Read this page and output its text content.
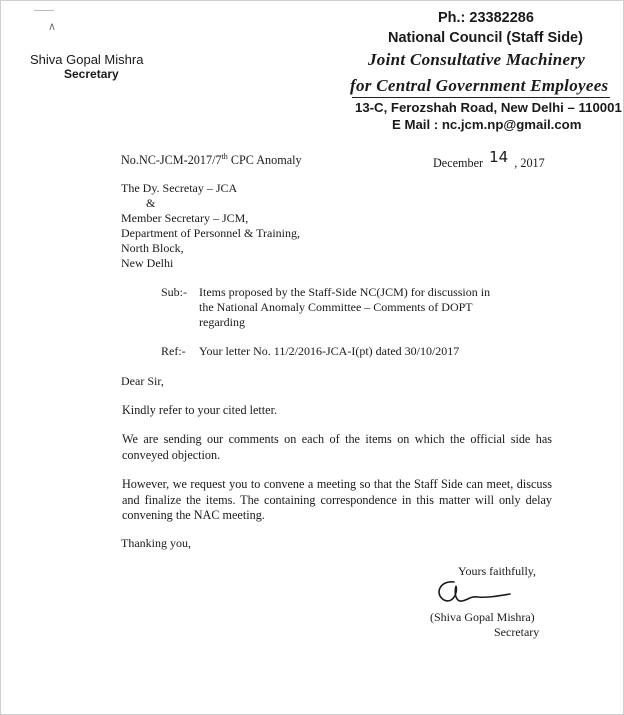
∧
Ph.: 23382286
National Council (Staff Side)
Joint Consultative Machinery
for Central Government Employees
13-C, Ferozshah Road, New Delhi – 110001
E Mail : nc.jcm.np@gmail.com
Shiva Gopal Mishra
Secretary
No.NC-JCM-2017/7th CPC Anomaly	December 14 , 2017
The Dy. Secretay – JCA
&
Member Secretary – JCM,
Department of Personnel & Training,
North Block,
New Delhi
Sub:- Items proposed by the Staff-Side NC(JCM) for discussion in
the National Anomaly Committee – Comments of DOPT
regarding
Ref:- Your letter No. 11/2/2016-JCA-I(pt) dated 30/10/2017
Dear Sir,
Kindly refer to your cited letter.
We are sending our comments on each of the items on which the official side has conveyed objection.
However, we request you to convene a meeting so that the Staff Side can meet, discuss and finalize the items. The containing correspondence in this matter will only delay convening the NAC meeting.
Thanking you,
Yours faithfully,
(Shiva Gopal Mishra)
Secretary
